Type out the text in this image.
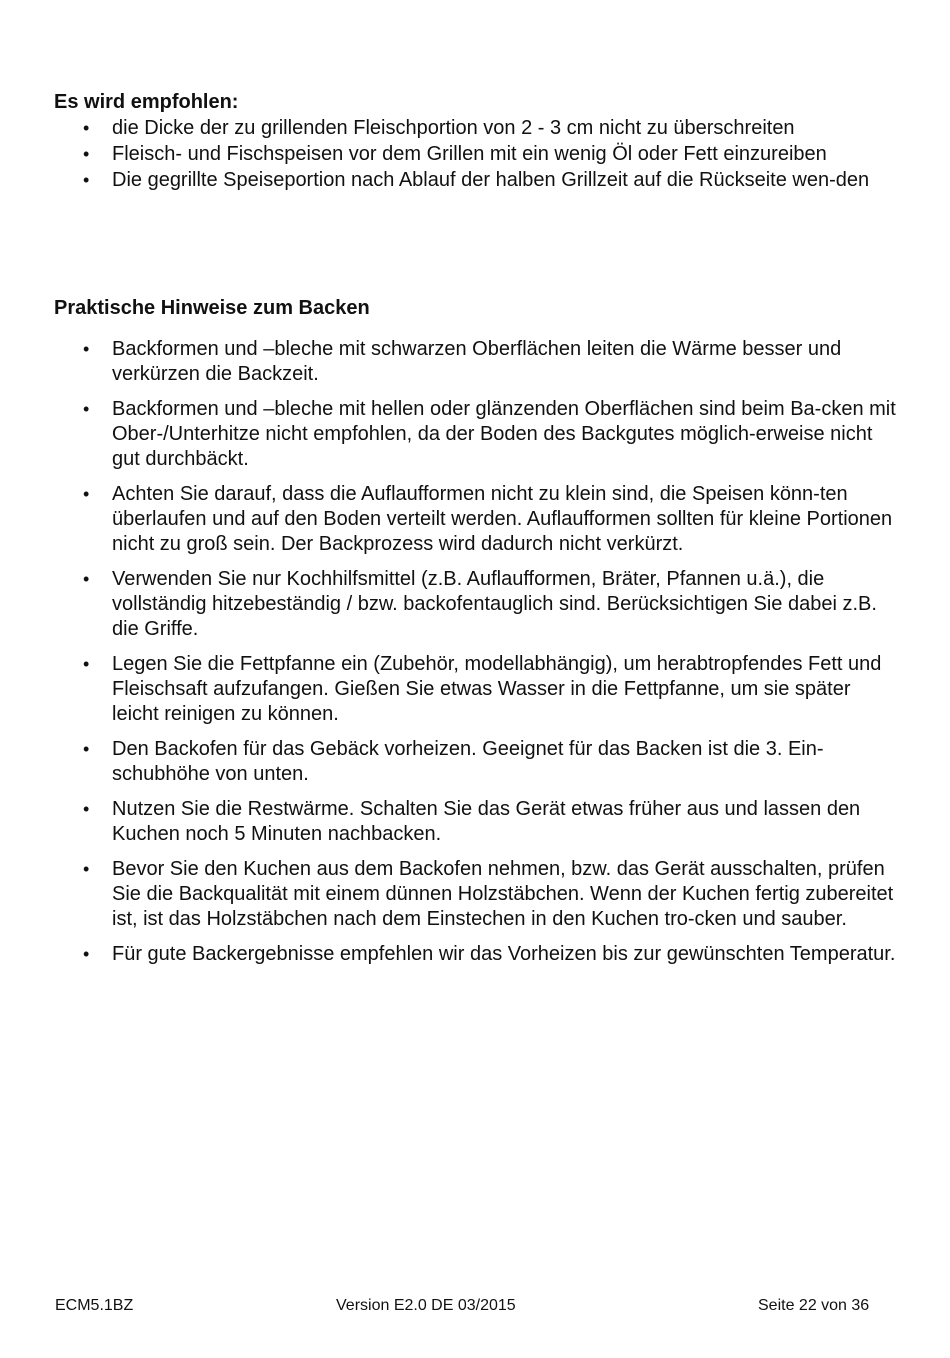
Es wird empfohlen:
• die Dicke der zu grillenden Fleischportion von 2 - 3 cm nicht zu überschreiten
• Fleisch- und Fischspeisen vor dem Grillen mit ein wenig Öl oder Fett einzureiben
• Die gegrillte Speiseportion nach Ablauf der halben Grillzeit auf die Rückseite wen-den
Praktische Hinweise zum Backen
• Backformen und –bleche mit schwarzen Oberflächen leiten die Wärme besser und verkürzen die Backzeit.
• Backformen und –bleche mit hellen oder glänzenden Oberflächen sind beim Ba-cken mit Ober-/Unterhitze nicht empfohlen, da der Boden des Backgutes möglich-erweise nicht gut durchbäckt.
• Achten Sie darauf, dass die Auflaufformen nicht zu klein sind, die Speisen könn-ten überlaufen und auf den Boden verteilt werden. Auflaufformen sollten für kleine Portionen nicht zu groß sein. Der Backprozess wird dadurch nicht verkürzt.
• Verwenden Sie nur Kochhilfsmittel (z.B. Auflaufformen, Bräter, Pfannen u.ä.), die vollständig hitzebeständig / bzw. backofentauglich sind. Berücksichtigen Sie dabei z.B. die Griffe.
• Legen Sie die Fettpfanne ein (Zubehör, modellabhängig), um herabtropfendes Fett und Fleischsaft aufzufangen. Gießen Sie etwas Wasser in die Fettpfanne, um sie später leicht reinigen zu können.
• Den Backofen für das Gebäck vorheizen. Geeignet für das Backen ist die 3. Ein-schubhöhe von unten.
• Nutzen Sie die Restwärme. Schalten Sie das Gerät etwas früher aus und lassen den Kuchen noch 5 Minuten nachbacken.
• Bevor Sie den Kuchen aus dem Backofen nehmen, bzw. das Gerät ausschalten, prüfen Sie die Backqualität mit einem dünnen Holzstäbchen. Wenn der Kuchen fertig zubereitet ist, ist das Holzstäbchen nach dem Einstechen in den Kuchen tro-cken und sauber.
• Für gute Backergebnisse empfehlen wir das Vorheizen bis zur gewünschten Temperatur.
ECM5.1BZ	Version E2.0 DE 03/2015	Seite 22 von 36
